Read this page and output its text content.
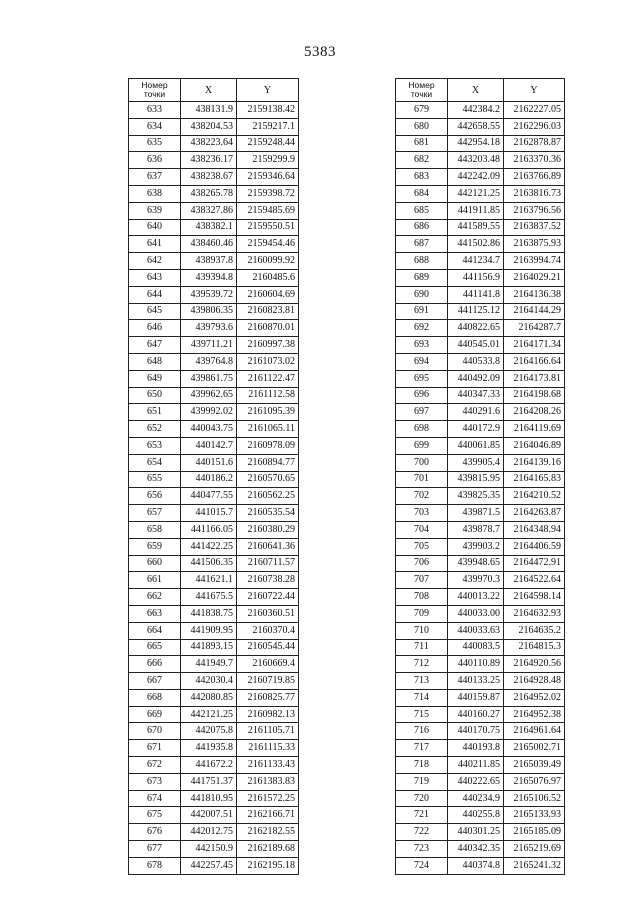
5383
Номер
точки	X	Y
633	438131.9	2159138.42
634	438204.53	2159217.1
635	438223.64	2159248.44
636	438236.17	2159299.9
637	438238.67	2159346.64
638	438265.78	2159398.72
639	438327.86	2159485.69
640	438382.1	2159550.51
641	438460.46	2159454.46
642	438937.8	2160099.92
643	439394.8	2160485.6
644	439539.72	2160604.69
645	439806.35	2160823.81
646	439793.6	2160870.01
647	439711.21	2160997.38
648	439764.8	2161073.02
649	439861.75	2161122.47
650	439962.65	2161112.58
651	439992.02	2161095.39
652	440043.75	2161065.11
653	440142.7	2160978.09
654	440151.6	2160894.77
655	440186.2	2160570.65
656	440477.55	2160562.25
657	441015.7	2160535.54
658	441166.05	2160380.29
659	441422.25	2160641.36
660	441506.35	2160711.57
661	441621.1	2160738.28
662	441675.5	2160722.44
663	441838.75	2160360.51
664	441909.95	2160370.4
665	441893.15	2160545.44
666	441949.7	2160669.4
667	442030.4	2160719.85
668	442080.85	2160825.77
669	442121.25	2160982.13
670	442075.8	2161105.71
671	441935.8	2161115.33
672	441672.2	2161133.43
673	441751.37	2161383.83
674	441810.95	2161572.25
675	442007.51	2162166.71
676	442012.75	2162182.55
677	442150.9	2162189.68
678	442257.45	2162195.18
Номер
точки	X	Y
679	442384.2	2162227.05
680	442658.55	2162296.03
681	442954.18	2162878.87
682	443203.48	2163370.36
683	442242.09	2163766.89
684	442121.25	2163816.73
685	441911.85	2163796.56
686	441589.55	2163837.52
687	441502.86	2163875.93
688	441234.7	2163994.74
689	441156.9	2164029.21
690	441141.8	2164136.38
691	441125.12	2164144.29
692	440822.65	2164287.7
693	440545.01	2164171.34
694	440533.8	2164166.64
695	440492.09	2164173.81
696	440347.33	2164198.68
697	440291.6	2164208.26
698	440172.9	2164119.69
699	440061.85	2164046.89
700	439905.4	2164139.16
701	439815.95	2164165.83
702	439825.35	2164210.52
703	439871.5	2164263.87
704	439878.7	2164348.94
705	439903.2	2164406.59
706	439948.65	2164472.91
707	439970.3	2164522.64
708	440013.22	2164598.14
709	440033.00	2164632.93
710	440033.63	2164635.2
711	440083.5	2164815.3
712	440110.89	2164920.56
713	440133.25	2164928.48
714	440159.87	2164952.02
715	440160.27	2164952.38
716	440170.75	2164961.64
717	440193.8	2165002.71
718	440211.85	2165039.49
719	440222.65	2165076.97
720	440234.9	2165106.52
721	440255.8	2165133.93
722	440301.25	2165185.09
723	440342.35	2165219.69
724	440374.8	2165241.32
